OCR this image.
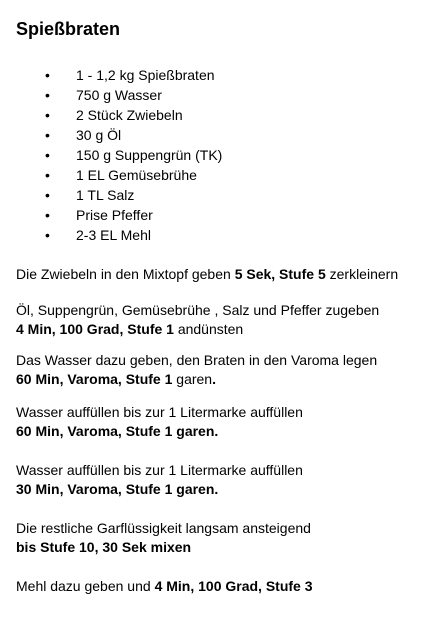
Spießbraten
• 1 - 1,2 kg Spießbraten
• 750 g Wasser
• 2 Stück Zwiebeln
• 30 g Öl
• 150 g Suppengrün (TK)
• 1 EL Gemüsebrühe
• 1 TL Salz
• Prise Pfeffer
• 2-3 EL Mehl

Die Zwiebeln in den Mixtopf geben 5 Sek, Stufe 5 zerkleinern

Öl, Suppengrün, Gemüsebrühe , Salz und Pfeffer zugeben
4 Min, 100 Grad, Stufe 1 andünsten

Das Wasser dazu geben, den Braten in den Varoma legen
60 Min, Varoma, Stufe 1 garen.

Wasser auffüllen bis zur 1 Litermarke auffüllen
60 Min, Varoma, Stufe 1 garen.

Wasser auffüllen bis zur 1 Litermarke auffüllen
30 Min, Varoma, Stufe 1 garen.

Die restliche Garflüssigkeit langsam ansteigend
bis Stufe 10, 30 Sek mixen

Mehl dazu geben und 4 Min, 100 Grad, Stufe 3
